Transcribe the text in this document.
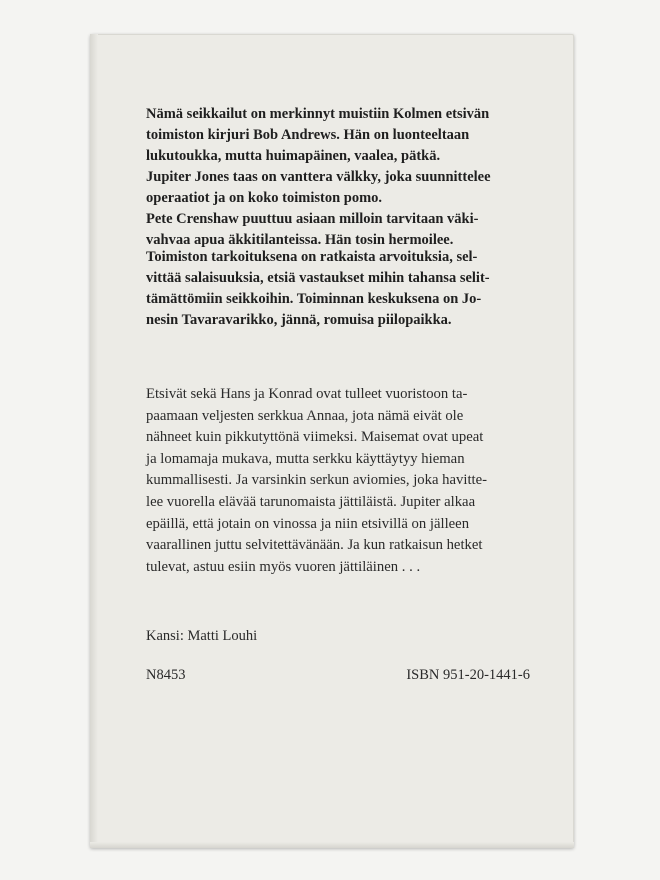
Nämä seikkailut on merkinnyt muistiin Kolmen etsivän
toimiston kirjuri Bob Andrews. Hän on luonteeltaan
lukutoukka, mutta huimapäinen, vaalea, pätkä.
Jupiter Jones taas on vanttera välkky, joka suunnittelee
operaatiot ja on koko toimiston pomo.
Pete Crenshaw puuttuu asiaan milloin tarvitaan väki-
vahvaa apua äkkitilanteissa. Hän tosin hermoilee.

Toimiston tarkoituksena on ratkaista arvoituksia, sel-
vittää salaisuuksia, etsiä vastaukset mihin tahansa selit-
tämättömiin seikkoihin. Toiminnan keskuksena on Jo-
nesin Tavaravarikko, jännä, romuisa piilopaikka.

Etsivät sekä Hans ja Konrad ovat tulleet vuoristoon ta-
paamaan veljesten serkkua Annaa, jota nämä eivät ole
nähneet kuin pikkutyttönä viimeksi. Maisemat ovat upeat
ja lomamaja mukava, mutta serkku käyttäytyy hieman
kummallisesti. Ja varsinkin serkun aviomies, joka havitte-
lee vuorella elävää tarunomaista jättiläistä. Jupiter alkaa
epäillä, että jotain on vinossa ja niin etsivillä on jälleen
vaarallinen juttu selvitettävänään. Ja kun ratkaisun hetket
tulevat, astuu esiin myös vuoren jättiläinen . . .

Kansi: Matti Louhi

N8453	ISBN 951-20-1441-6
